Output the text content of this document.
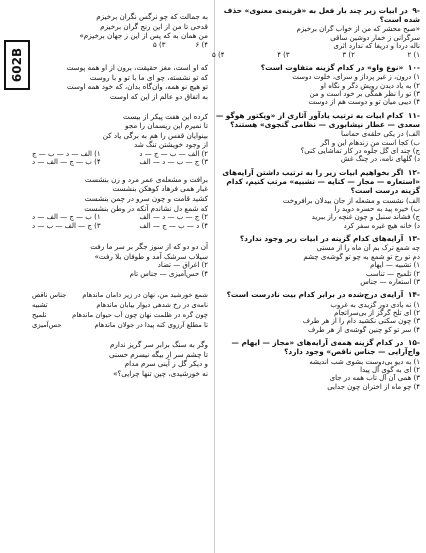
602B
-۹ در ابیات زیر چند بار فعل به «قرینه‌ی معنوی» حذف شده است؟
«صبح محشر که من از خواب گران برخیزم
سرگرانی ز خمار دوشین ساقی
ناله دردا و دریغا که ندارد اثری
۱) ۲
۲) ۳
۳) ۴
۴) ۵
-۱۰ «نوع واو» در کدام گزینه متفاوت است؟
۱) درون، ز غیر پرداز و سرای، خلوت دوست
۲) به یاد دیدن رویش دگر و نگاه او
۳) تو را نظر همگی بر خود است و من
۴) دیبی میان تو و دوست هم از دوست
-۱۱ کدام ابیات به ترتیب یادآور آثاری از «ویکتور هوگو — سعدی — عطار نیشابوری — نظامی گنجوی» هستند؟
الف) در یکی حلقه‌ی حماسا
ب) کجا است من زندهام این و اگر
ج) چند ای گل جلوه در کار تماشایی کنی؟
د) گلهای نامه، در چنگ غش
-۱۲ اگر بخواهیم ابیات زیر را به ترتیب داشتن آرایه‌های «استعاره — مجاز — کنایه — تشبیه» مرتب کنیم، کدام گزینه درست است؟
الف) نشست و مشعله از جان بیدلان برافروخت
ب) خیره پید به حسره دوید را
ج) فشاند سنبل و چون غنچه راز ببرید
د) خانه هیچ غیره سفر کرد
-۱۳ آرایه‌های کدام گزینه در ابیات زیر وجود ندارد؟
چه شمع ترک بم آن ماه را از مستی
دم تو رخ تو شمع به چو تو گوشه‌ی چشم
۱) تشبیه — ایهام
۲) تلمیح — تناسب
۳) استعاره — جناس
-۱۴ آرایه‌ی درج‌شده در برابر کدام بیت نادرست است؟
۱) نه یادی دور گزیدی به غروب
۲) ای تلخ گرگز از بی‌سراتجام
۳) چون سکنی نکشید دام را از هر طرف
۴) سر تو کو چنین گوشه‌ی از هر طرف
-۱۵ در کدام گزینه همه‌ی آرایه‌های «مجاز — ایهام — واج‌آرایی — جناس ناقص» وجود دارد؟
۱) به دیو بی‌دوست بشوی شب اندیشه
۲) ای به گوی آل پیدا
۳) همی آن آل تاب همه در جای
۴) چو ماه از اختران چون جدایی
به جمالت که چو نرگس نگران برخیزم
قدحی تا من از این رنج گران برخیزم
من همان به که پس از این ز جهان برخیزم»
۴) ۶
۳) ۵
که او است، مغز حقیقت، برون از او همه پوست
که تو نشسته، چو ای ما با تو و با روست
تو هیچ نو همه، وان‌گاه بدان، که خود همه اوست
به اتفاق دو عالم از این که اوست
کرده این هفت پیکر از بیست
تا نمیرم این ریسمان را مجو
بینوایان قفس را هم به برگی یاد کن
از وجود خویشتن تنگ شد
۲) الف — ب — ج — د
۱) الف — د — ب — ج
۳) ج — ب — د — الف
۴) ب — ج — الف — د
برافت و مشعله‌ی عمر مرد و زن بنشست
غبار همی فرهاد کوهکن بنشست
کشید قامت و چون سرو در چمن بنشست
که شمع دل نشاندم آنکه در وطن بنشست
۲) ج — ب — د — الف
۱) ب — ج — الف — د
۴) د — ب — ج — الف
۳) ج — الف — ب — د
آن دو دو که از سوز جگر بر سر ما رفت
سیلاب سرشک آمد و طوفان بلا رفت»
۲) اغراق — تضاد
۴) حس‌آمیزی — جناس تام
شمع خورشید من، نهان در زیر دامان ماندهام
جناس ناقص
نامه‌ی در رخ شدهی دیوار بیابان ماندهام
تشبیه
چون گره در ظلمت نهان چون آب حیوان ماندهام
تلمیح
تا مطلع آرزوی کنه پیدا در جولان ماندهام
حس‌آمیزی
وگر به سنگ برابر سر گریز ندارم
تا چشم سر ار بیگه نیسرم حسنی
و دیکر گل ز آینی سرم مدام
نه خورشیدی، چین تنها چرایی؟»
